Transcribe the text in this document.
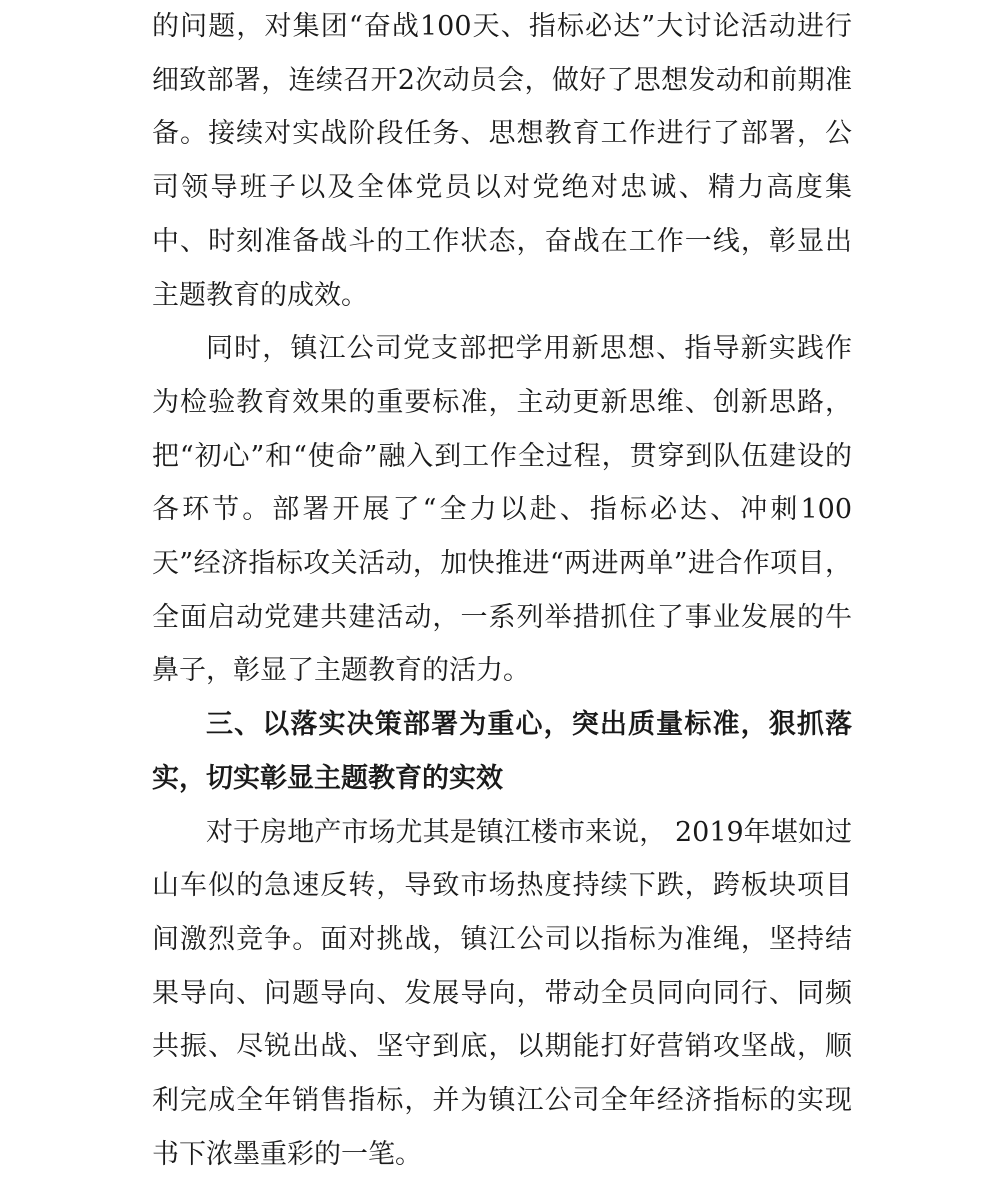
的问题，对集团“奋战100天、指标必达”大讨论活动进行细致部署，连续召开2次动员会，做好了思想发动和前期准备。接续对实战阶段任务、思想教育工作进行了部署，公司领导班子以及全体党员以对党绝对忠诚、精力高度集中、时刻准备战斗的工作状态，奋战在工作一线，彰显出主题教育的成效。

同时，镇江公司党支部把学用新思想、指导新实践作为检验教育效果的重要标准，主动更新思维、创新思路，把“初心”和“使命”融入到工作全过程，贯穿到队伍建设的各环节。部署开展了“全力以赴、指标必达、冲刺100天”经济指标攻关活动，加快推进“两进两单”进合作项目，全面启动党建共建活动，一系列举措抓住了事业发展的牛鼻子，彰显了主题教育的活力。

三、以落实决策部署为重心，突出质量标准，狠抓落实，切实彰显主题教育的实效

对于房地产市场尤其是镇江楼市来说， 2019年堪如过山车似的急速反转，导致市场热度持续下跌，跨板块项目间激烈竞争。面对挑战，镇江公司以指标为准绳，坚持结果导向、问题导向、发展导向，带动全员同向同行、同频共振、尽锐出战、坚守到底，以期能打好营销攻坚战，顺利完成全年销售指标，并为镇江公司全年经济指标的实现书下浓墨重彩的一笔。
